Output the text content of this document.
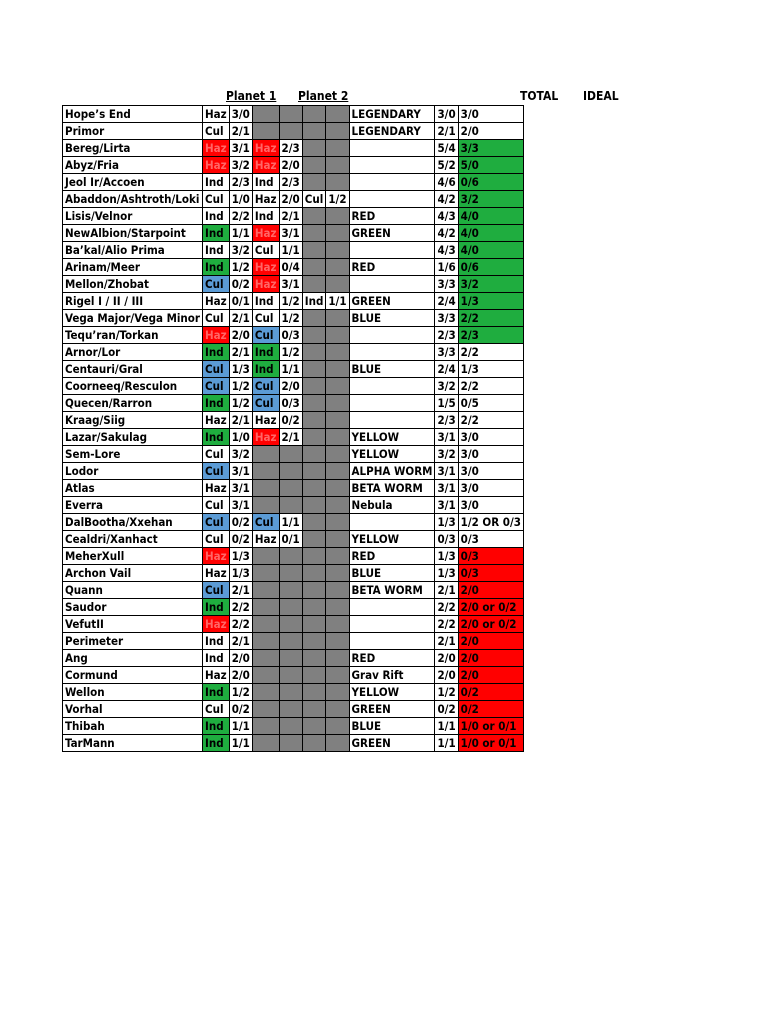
Planet 1 Planet 2	TOTAL IDEAL
Hope’s End	Haz	3/0					LEGENDARY	3/0	3/0
Primor	Cul	2/1					LEGENDARY	2/1	2/0
Bereg/Lirta	Haz	3/1	Haz	2/3				5/4	3/3
Abyz/Fria	Haz	3/2	Haz	2/0				5/2	5/0
Jeol Ir/Accoen	Ind	2/3	Ind	2/3				4/6	0/6
Abaddon/Ashtroth/Loki	Cul	1/0	Haz	2/0	Cul	1/2		4/2	3/2
Lisis/Velnor	Ind	2/2	Ind	2/1			RED	4/3	4/0
NewAlbion/Starpoint	Ind	1/1	Haz	3/1			GREEN	4/2	4/0
Ba’kal/Alio Prima	Ind	3/2	Cul	1/1				4/3	4/0
Arinam/Meer	Ind	1/2	Haz	0/4			RED	1/6	0/6
Mellon/Zhobat	Cul	0/2	Haz	3/1				3/3	3/2
Rigel I / II / III	Haz	0/1	Ind	1/2	Ind	1/1	GREEN	2/4	1/3
Vega Major/Vega Minor	Cul	2/1	Cul	1/2			BLUE	3/3	2/2
Tequ’ran/Torkan	Haz	2/0	Cul	0/3				2/3	2/3
Arnor/Lor	Ind	2/1	Ind	1/2				3/3	2/2
Centauri/Gral	Cul	1/3	Ind	1/1			BLUE	2/4	1/3
Coorneeq/Resculon	Cul	1/2	Cul	2/0				3/2	2/2
Quecen/Rarron	Ind	1/2	Cul	0/3				1/5	0/5
Kraag/Siig	Haz	2/1	Haz	0/2				2/3	2/2
Lazar/Sakulag	Ind	1/0	Haz	2/1			YELLOW	3/1	3/0
Sem-Lore	Cul	3/2					YELLOW	3/2	3/0
Lodor	Cul	3/1					ALPHA WORM	3/1	3/0
Atlas	Haz	3/1					BETA WORM	3/1	3/0
Everra	Cul	3/1					Nebula	3/1	3/0
DalBootha/Xxehan	Cul	0/2	Cul	1/1				1/3	1/2 OR 0/3
Cealdri/Xanhact	Cul	0/2	Haz	0/1			YELLOW	0/3	0/3
MeherXull	Haz	1/3					RED	1/3	0/3
Archon Vail	Haz	1/3					BLUE	1/3	0/3
Quann	Cul	2/1					BETA WORM	2/1	2/0
Saudor	Ind	2/2						2/2	2/0 or 0/2
VefutII	Haz	2/2						2/2	2/0 or 0/2
Perimeter	Ind	2/1						2/1	2/0
Ang	Ind	2/0					RED	2/0	2/0
Cormund	Haz	2/0					Grav Rift	2/0	2/0
Wellon	Ind	1/2					YELLOW	1/2	0/2
Vorhal	Cul	0/2					GREEN	0/2	0/2
Thibah	Ind	1/1					BLUE	1/1	1/0 or 0/1
TarMann	Ind	1/1					GREEN	1/1	1/0 or 0/1
